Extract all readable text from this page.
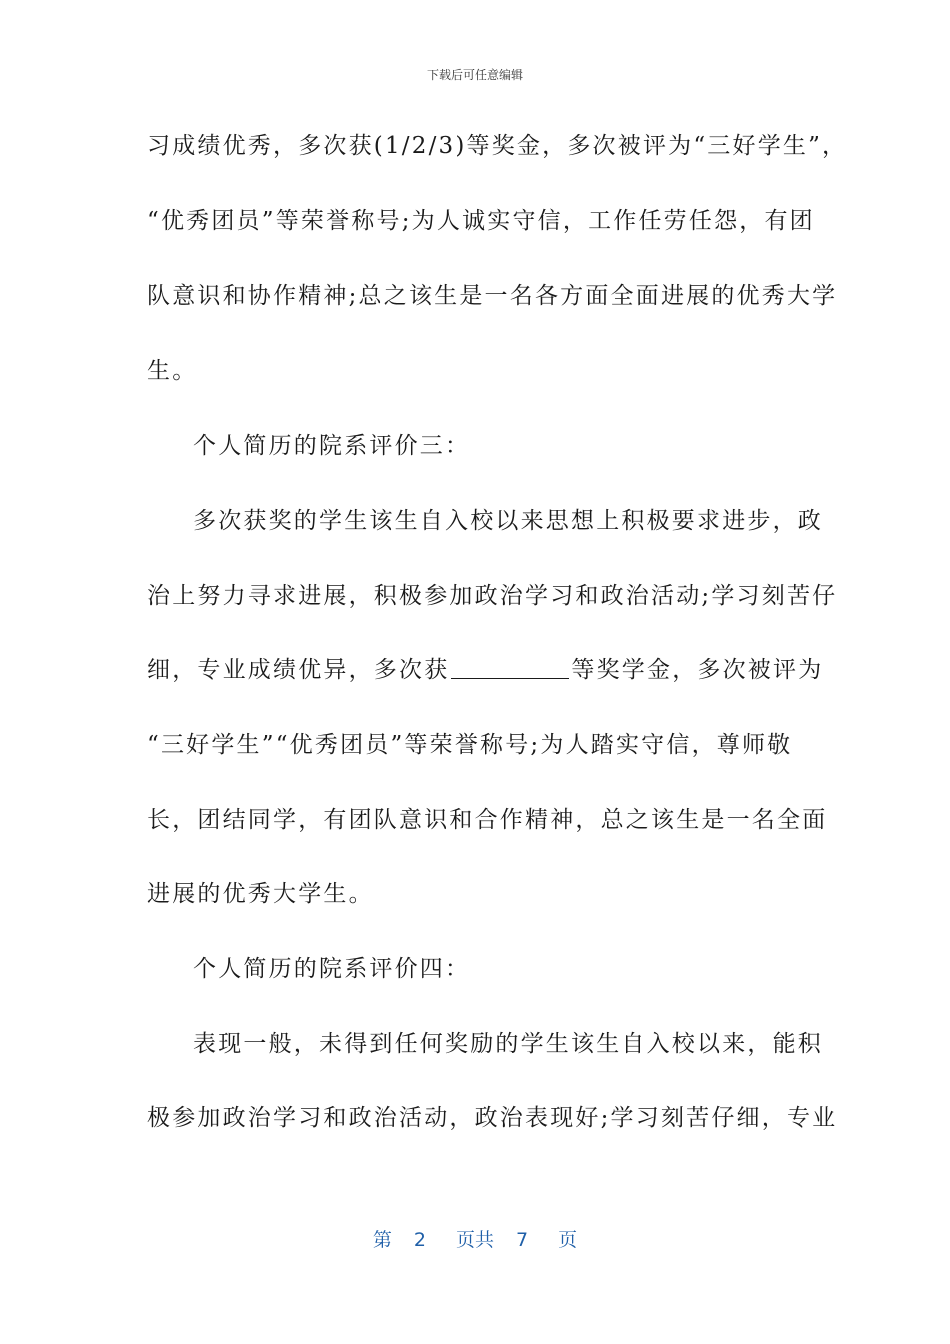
下载后可任意编辑
习成绩优秀，多次获(1/2/3)等奖金，多次被评为“三好学生”，
“优秀团员”等荣誉称号;为人诚实守信，工作任劳任怨，有团
队意识和协作精神;总之该生是一名各方面全面进展的优秀大学
生。
个人简历的院系评价三：
多次获奖的学生该生自入校以来思想上积极要求进步，政
治上努力寻求进展，积极参加政治学习和政治活动;学习刻苦仔
细，专业成绩优异，多次获	等奖学金，多次被评为
“三好学生”“优秀团员”等荣誉称号;为人踏实守信，尊师敬
长，团结同学，有团队意识和合作精神，总之该生是一名全面
进展的优秀大学生。
个人简历的院系评价四：
表现一般，未得到任何奖励的学生该生自入校以来，能积
极参加政治学习和政治活动，政治表现好;学习刻苦仔细，专业
第 2 页共 7 页
